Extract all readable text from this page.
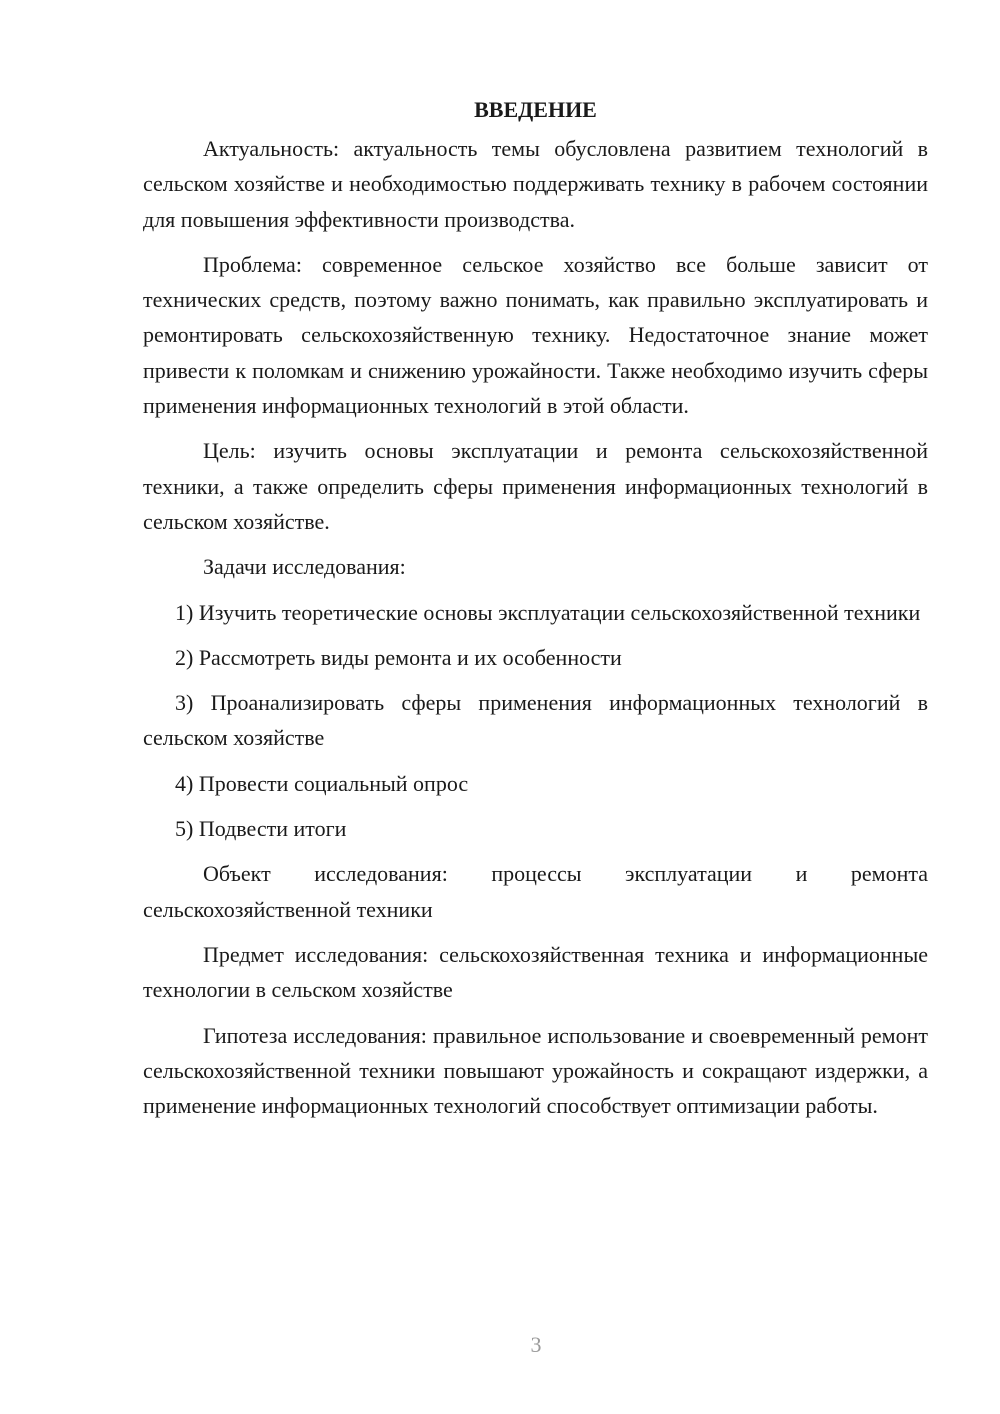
ВВЕДЕНИЕ

Актуальность: актуальность темы обусловлена развитием технологий в сельском хозяйстве и необходимостью поддерживать технику в рабочем состоянии для повышения эффективности производства.

Проблема: современное сельское хозяйство все больше зависит от технических средств, поэтому важно понимать, как правильно эксплуатировать и ремонтировать сельскохозяйственную технику. Недостаточное знание может привести к поломкам и снижению урожайности. Также необходимо изучить сферы применения информационных технологий в этой области.

Цель: изучить основы эксплуатации и ремонта сельскохозяйственной техники, а также определить сферы применения информационных технологий в сельском хозяйстве.

Задачи исследования:

1) Изучить теоретические основы эксплуатации сельскохозяйственной техники

2) Рассмотреть виды ремонта и их особенности

3) Проанализировать сферы применения информационных технологий в сельском хозяйстве

4) Провести социальный опрос

5) Подвести итоги

Объект исследования: процессы эксплуатации и ремонта сельскохозяйственной техники

Предмет исследования: сельскохозяйственная техника и информационные технологии в сельском хозяйстве

Гипотеза исследования: правильное использование и своевременный ремонт сельскохозяйственной техники повышают урожайность и сокращают издержки, а применение информационных технологий способствует оптимизации работы.

3
